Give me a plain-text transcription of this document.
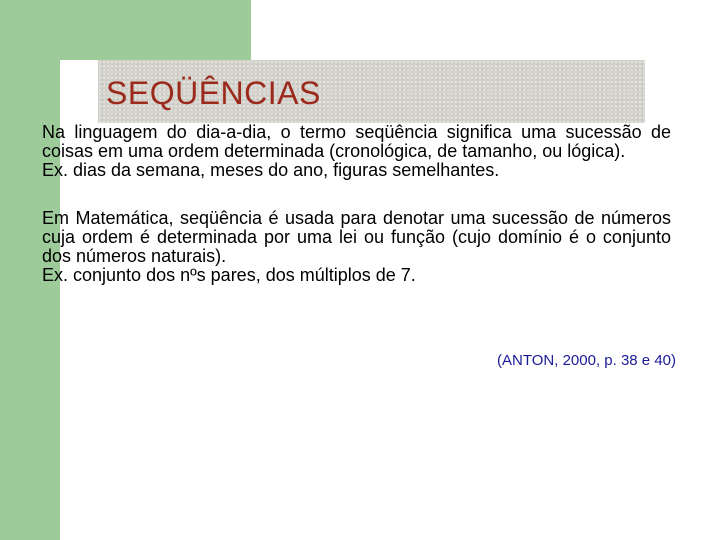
SEQÜÊNCIAS

Na linguagem do dia-a-dia, o termo seqüência significa uma sucessão de coisas em uma ordem determinada (cronológica, de tamanho, ou lógica).

Ex. dias da semana, meses do ano, figuras semelhantes.

Em Matemática, seqüência é usada para denotar uma sucessão de números cuja ordem é determinada por uma lei ou função (cujo domínio é o conjunto dos números naturais).

Ex. conjunto dos nºs pares, dos múltiplos de 7.

(ANTON, 2000, p. 38 e 40)
